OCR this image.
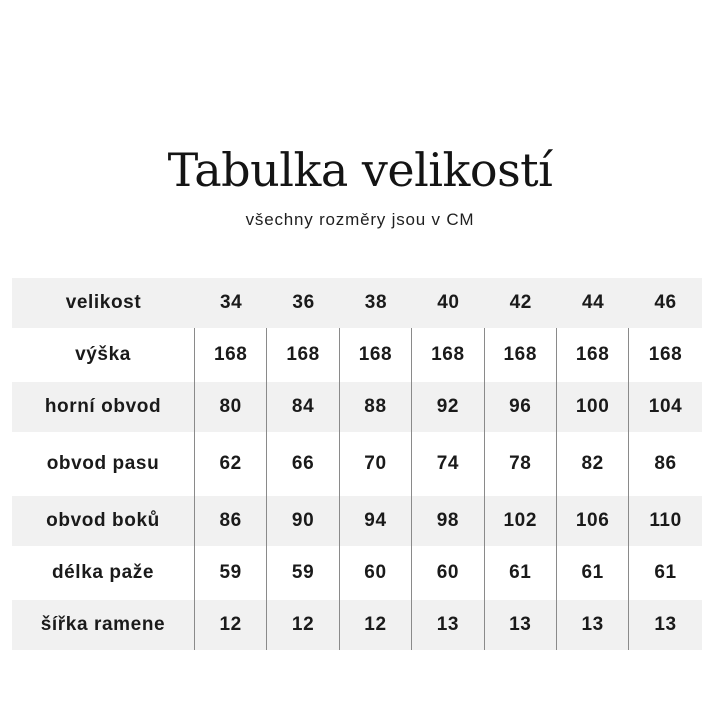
Tabulka velikostí
všechny rozměry jsou v CM
velikost	34	36	38	40	42	44	46
výška	168	168	168	168	168	168	168
horní obvod	80	84	88	92	96	100	104
obvod pasu	62	66	70	74	78	82	86
obvod boků	86	90	94	98	102	106	110
délka paže	59	59	60	60	61	61	61
šířka ramene	12	12	12	13	13	13	13
